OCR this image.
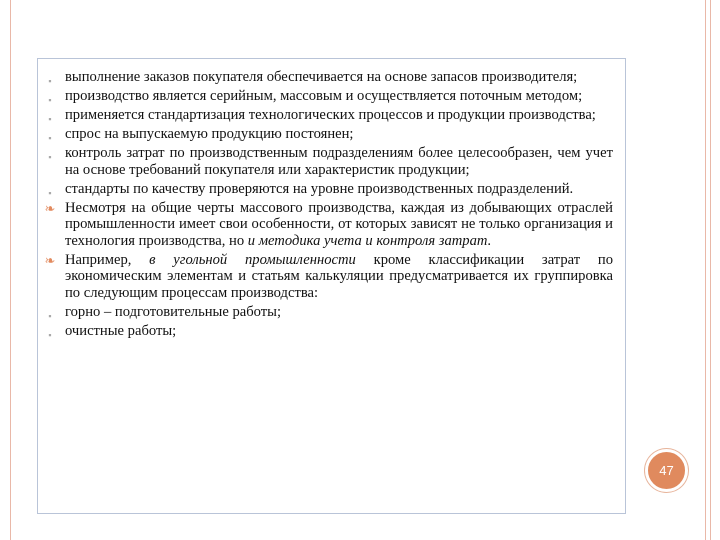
▪ выполнение заказов покупателя обеспечивается на основе запасов производителя;
▪ производство является серийным, массовым и осуществляется поточным методом;
▪ применяется стандартизация технологических процессов и продукции производства;
▪ спрос на выпускаемую продукцию постоянен;
▪ контроль затрат по производственным подразделениям более целесообразен, чем учет на основе требований покупателя или характеристик продукции;
▪ стандарты по качеству проверяются на уровне производственных подразделений.
❧ Несмотря на общие черты массового производства, каждая из добывающих отраслей промышленности имеет свои особенности, от которых зависят не только организация и технология производства, но и методика учета и контроля затрат.
❧ Например, в угольной промышленности кроме классификации затрат по экономическим элементам и статьям калькуляции предусматривается их группировка по следующим процессам производства:
▪ горно – подготовительные работы;
▪ очистные работы;
47
